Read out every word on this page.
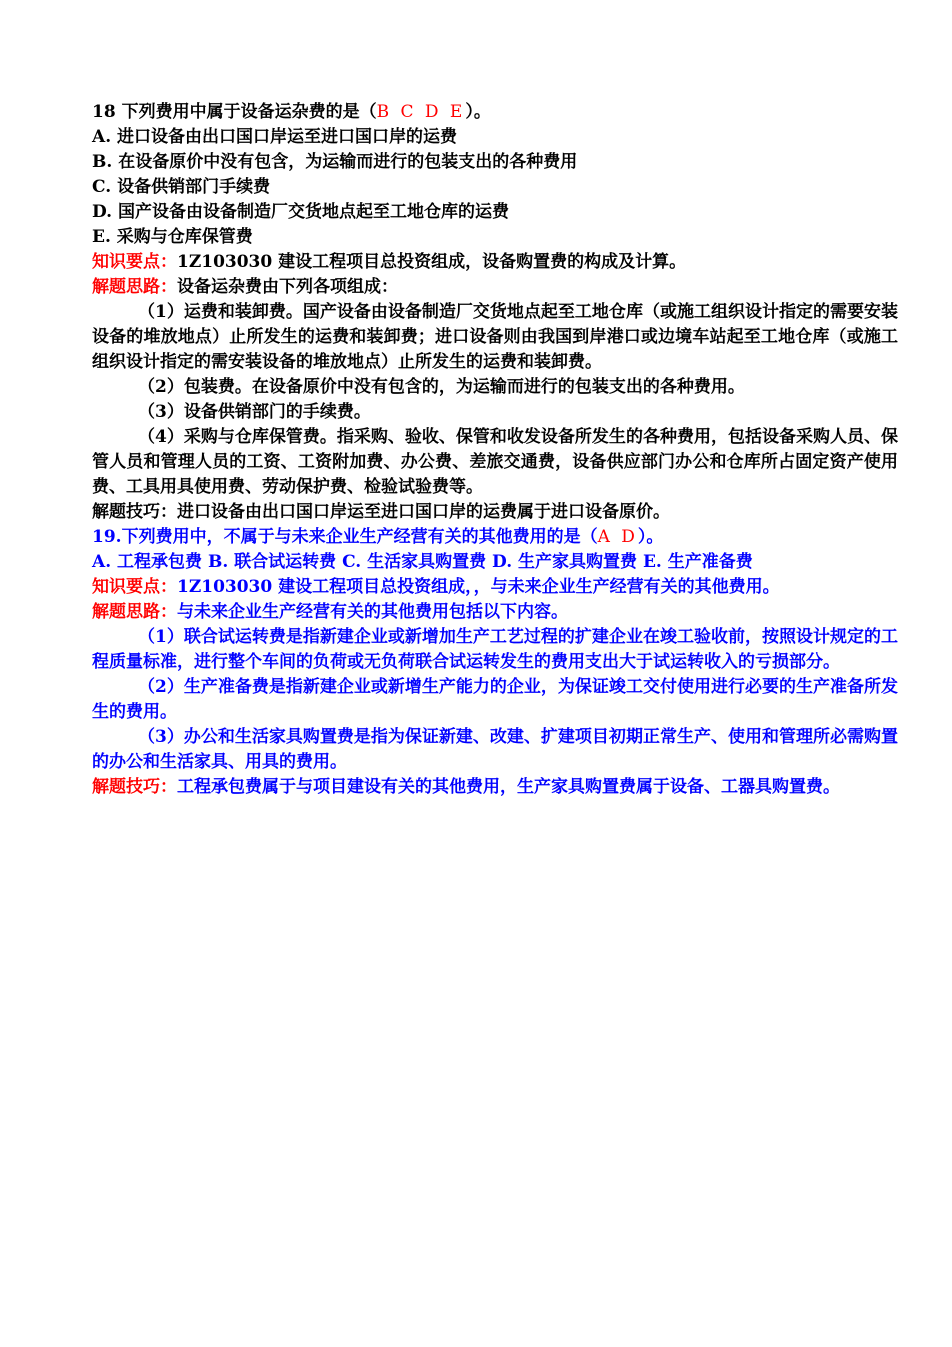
18 下列费用中属于设备运杂费的是（B C D E）。
A. 进口设备由出口国口岸运至进口国口岸的运费
B. 在设备原价中没有包含，为运输而进行的包装支出的各种费用
C. 设备供销部门手续费
D. 国产设备由设备制造厂交货地点起至工地仓库的运费
E. 采购与仓库保管费
知识要点：1Z103030 建设工程项目总投资组成，设备购置费的构成及计算。
解题思路：设备运杂费由下列各项组成：
（1）运费和装卸费。国产设备由设备制造厂交货地点起至工地仓库（或施工组织设计指定的需要安装设备的堆放地点）止所发生的运费和装卸费；进口设备则由我国到岸港口或边境车站起至工地仓库（或施工组织设计指定的需安装设备的堆放地点）止所发生的运费和装卸费。
（2）包装费。在设备原价中没有包含的，为运输而进行的包装支出的各种费用。
（3）设备供销部门的手续费。
（4）采购与仓库保管费。指采购、验收、保管和收发设备所发生的各种费用，包括设备采购人员、保管人员和管理人员的工资、工资附加费、办公费、差旅交通费，设备供应部门办公和仓库所占固定资产使用费、工具用具使用费、劳动保护费、检验试验费等。
解题技巧：进口设备由出口国口岸运至进口国口岸的运费属于进口设备原价。
19.下列费用中，不属于与未来企业生产经营有关的其他费用的是（A D）。
A. 工程承包费 B. 联合试运转费 C. 生活家具购置费 D. 生产家具购置费 E. 生产准备费
知识要点：1Z103030 建设工程项目总投资组成，，与未来企业生产经营有关的其他费用。
解题思路：与未来企业生产经营有关的其他费用包括以下内容。
（1）联合试运转费是指新建企业或新增加生产工艺过程的扩建企业在竣工验收前，按照设计规定的工程质量标准，进行整个车间的负荷或无负荷联合试运转发生的费用支出大于试运转收入的亏损部分。
（2）生产准备费是指新建企业或新增生产能力的企业，为保证竣工交付使用进行必要的生产准备所发生的费用。
（3）办公和生活家具购置费是指为保证新建、改建、扩建项目初期正常生产、使用和管理所必需购置的办公和生活家具、用具的费用。
解题技巧：工程承包费属于与项目建设有关的其他费用，生产家具购置费属于设备、工器具购置费。
